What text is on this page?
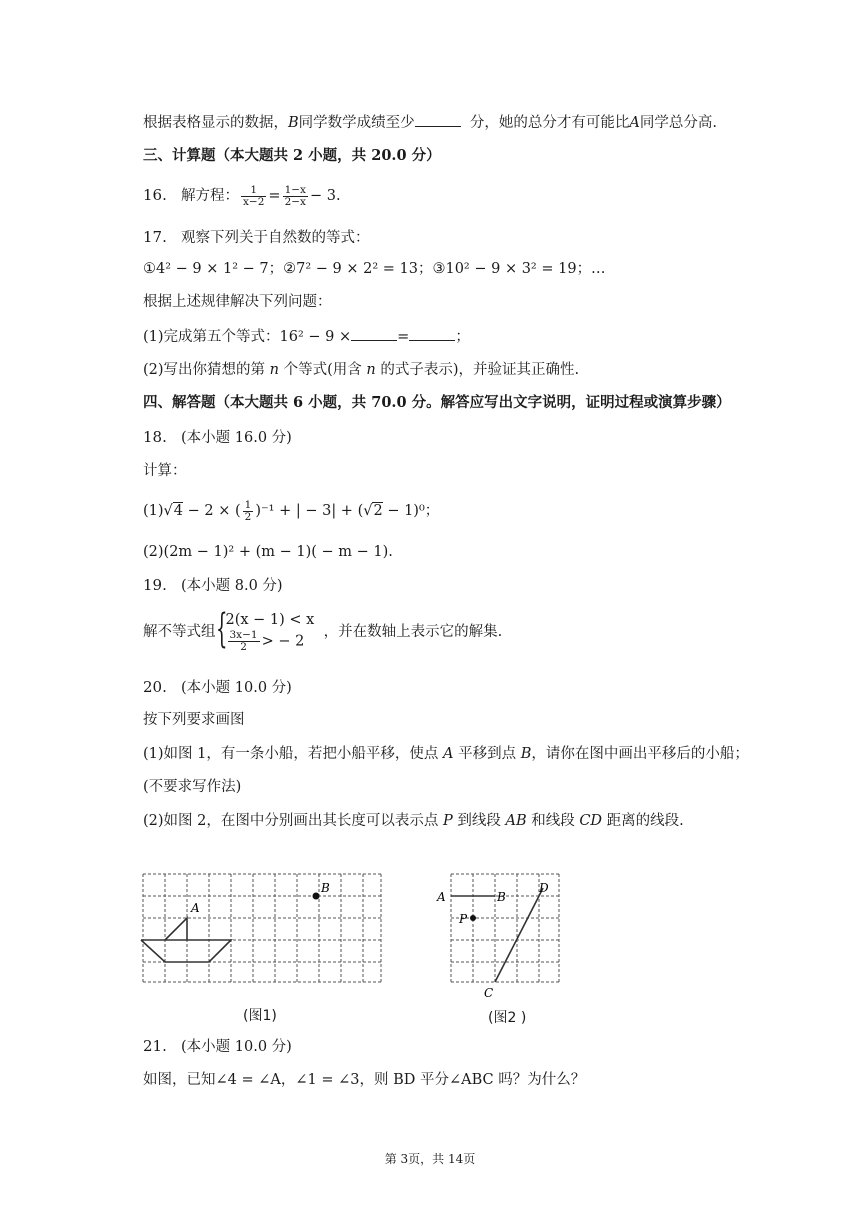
根据表格显示的数据，B同学数学成绩至少	分，她的总分才有可能比A同学总分高.
三、计算题（本大题共 2 小题，共 20.0 分）
16. 解方程： $\frac{1}{x-2} = \frac{1-x}{2-x} - 3$.
17. 观察下列关于自然数的等式：
①4² − 9 × 1² − 7；②7² − 9 × 2² = 13；③10² − 9 × 3² = 19；…
根据上述规律解决下列问题：
(1)完成第五个等式：16² − 9 ×	=	；
(2)写出你猜想的第 n 个等式(用含 n 的式子表示)，并验证其正确性.
四、解答题（本大题共 6 小题，共 70.0 分。解答应写出文字说明，证明过程或演算步骤）
18. (本小题 16.0 分)
计算：
(1)√4 − 2 × ( $\frac{1}{2} )^{-1}$ + | − 3| + (√2 − 1)⁰；
(2)(2m − 1)² + (m − 1)( − m − 1).
19. (本小题 8.0 分)
解不等式组 {
2(x − 1) < x
$\frac{3x-1}{2}$ > − 2
，并在数轴上表示它的解集.
20. (本小题 10.0 分)
按下列要求画图
(1)如图 1，有一条小船，若把小船平移，使点 A 平移到点 B，请你在图中画出平移后的小船；
(不要求写作法)
(2)如图 2，在图中分别画出其长度可以表示点 P 到线段 AB 和线段 CD 距离的线段.
A
B
(图1)
A	B
D
P
C
(图2 )
21. (本小题 10.0 分)
如图，已知∠4 = ∠A，∠1 = ∠3，则 BD 平分∠ABC 吗？为什么？
第 3页，共 14页
